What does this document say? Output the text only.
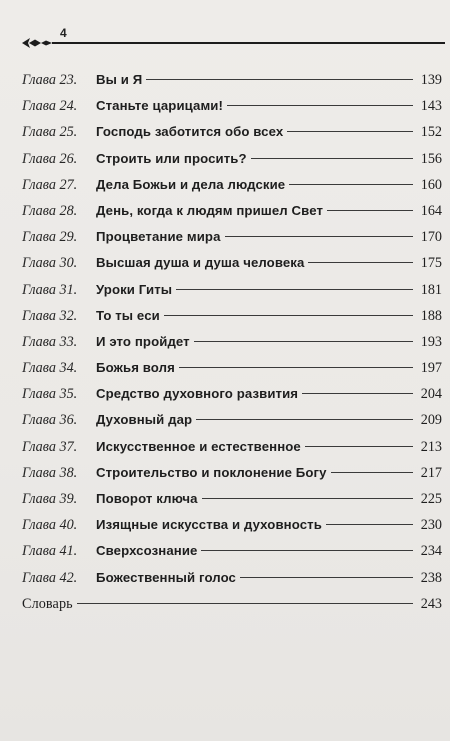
4
Глава 23.	Вы и Я	139
Глава 24.	Станьте царицами!	143
Глава 25.	Господь заботится обо всех	152
Глава 26.	Строить или просить?	156
Глава 27.	Дела Божьи и дела людские	160
Глава 28.	День, когда к людям пришел Свет	164
Глава 29.	Процветание мира	170
Глава 30.	Высшая душа и душа человека	175
Глава 31.	Уроки Гиты	181
Глава 32.	То ты еси	188
Глава 33.	И это пройдет	193
Глава 34.	Божья воля	197
Глава 35.	Средство духовного развития	204
Глава 36.	Духовный дар	209
Глава 37.	Искусственное и естественное	213
Глава 38.	Строительство и поклонение Богу	217
Глава 39.	Поворот ключа	225
Глава 40.	Изящные искусства и духовность	230
Глава 41.	Сверхсознание	234
Глава 42.	Божественный голос	238
Словарь	243
